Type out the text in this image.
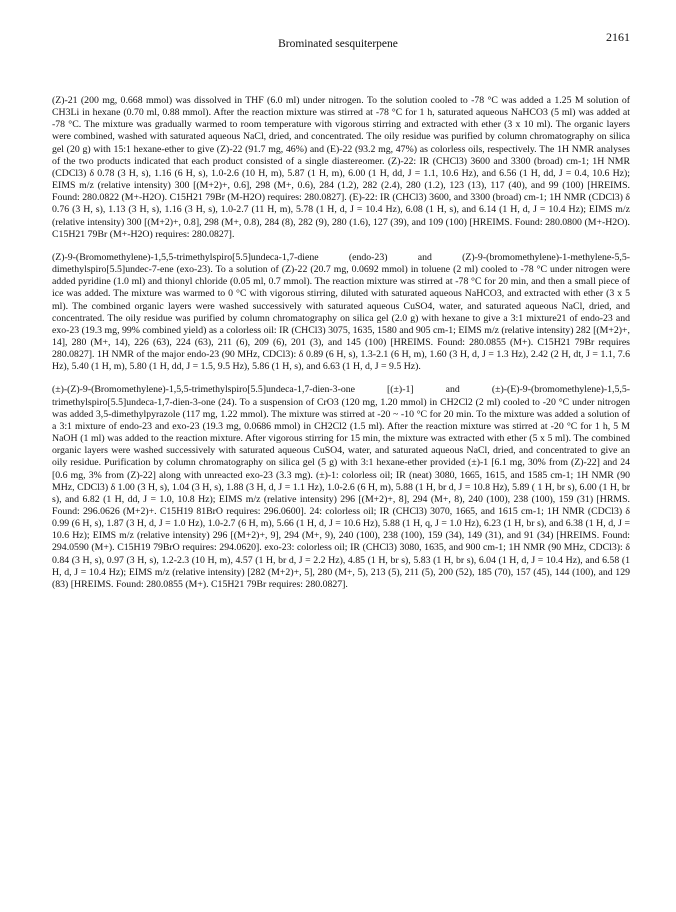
Brominated sesquiterpene	2161

(Z)-21 (200 mg, 0.668 mmol) was dissolved in THF (6.0 ml) under nitrogen. To the solution cooled to -78 °C was added a 1.25 M solution of CH3Li in hexane (0.70 ml, 0.88 mmol). After the reaction mixture was stirred at -78 °C for 1 h, saturated aqueous NaHCO3 (5 ml) was added at -78 °C. The mixture was gradually warmed to room temperature with vigorous stirring and extracted with ether (3 x 10 ml). The organic layers were combined, washed with saturated aqueous NaCl, dried, and concentrated. The oily residue was purified by column chromatography on silica gel (20 g) with 15:1 hexane-ether to give (Z)-22 (91.7 mg, 46%) and (E)-22 (93.2 mg, 47%) as colorless oils, respectively. The 1H NMR analyses of the two products indicated that each product consisted of a single diastereomer. (Z)-22: IR (CHCl3) 3600 and 3300 (broad) cm-1; 1H NMR (CDCl3) δ 0.78 (3 H, s), 1.16 (6 H, s), 1.0-2.6 (10 H, m), 5.87 (1 H, m), 6.00 (1 H, dd, J = 1.1, 10.6 Hz), and 6.56 (1 H, dd, J = 0.4, 10.6 Hz); EIMS m/z (relative intensity) 300 [(M+2)+, 0.6], 298 (M+, 0.6), 284 (1.2), 282 (2.4), 280 (1.2), 123 (13), 117 (40), and 99 (100) [HREIMS. Found: 280.0822 (M+-H2O). C15H21 79Br (M-H2O) requires: 280.0827]. (E)-22: IR (CHCl3) 3600, and 3300 (broad) cm-1; 1H NMR (CDCl3) δ 0.76 (3 H, s), 1.13 (3 H, s), 1.16 (3 H, s), 1.0-2.7 (11 H, m), 5.78 (1 H, d, J = 10.4 Hz), 6.08 (1 H, s), and 6.14 (1 H, d, J = 10.4 Hz); EIMS m/z (relative intensity) 300 [(M+2)+, 0.8], 298 (M+, 0.8), 284 (8), 282 (9), 280 (1.6), 127 (39), and 109 (100) [HREIMS. Found: 280.0800 (M+-H2O). C15H21 79Br (M+-H2O) requires: 280.0827].

(Z)-9-(Bromomethylene)-1,5,5-trimethylspiro[5.5]undeca-1,7-diene (endo-23) and (Z)-9-(bromomethylene)-1-methylene-5,5-dimethylspiro[5.5]undec-7-ene (exo-23). To a solution of (Z)-22 (20.7 mg, 0.0692 mmol) in toluene (2 ml) cooled to -78 °C under nitrogen were added pyridine (1.0 ml) and thionyl chloride (0.05 ml, 0.7 mmol). The reaction mixture was stirred at -78 °C for 20 min, and then a small piece of ice was added. The mixture was warmed to 0 °C with vigorous stirring, diluted with saturated aqueous NaHCO3, and extracted with ether (3 x 5 ml). The combined organic layers were washed successively with saturated aqueous CuSO4, water, and saturated aqueous NaCl, dried, and concentrated. The oily residue was purified by column chromatography on silica gel (2.0 g) with hexane to give a 3:1 mixture21 of endo-23 and exo-23 (19.3 mg, 99% combined yield) as a colorless oil: IR (CHCl3) 3075, 1635, 1580 and 905 cm-1; EIMS m/z (relative intensity) 282 [(M+2)+, 14], 280 (M+, 14), 226 (63), 224 (63), 211 (6), 209 (6), 201 (3), and 145 (100) [HREIMS. Found: 280.0855 (M+). C15H21 79Br requires 280.0827]. 1H NMR of the major endo-23 (90 MHz, CDCl3): δ 0.89 (6 H, s), 1.3-2.1 (6 H, m), 1.60 (3 H, d, J = 1.3 Hz), 2.42 (2 H, dt, J = 1.1, 7.6 Hz), 5.40 (1 H, m), 5.80 (1 H, dd, J = 1.5, 9.5 Hz), 5.86 (1 H, s), and 6.63 (1 H, d, J = 9.5 Hz).

(±)-(Z)-9-(Bromomethylene)-1,5,5-trimethylspiro[5.5]undeca-1,7-dien-3-one [(±)-1] and (±)-(E)-9-(bromomethylene)-1,5,5-trimethylspiro[5.5]undeca-1,7-dien-3-one (24). To a suspension of CrO3 (120 mg, 1.20 mmol) in CH2Cl2 (2 ml) cooled to -20 °C under nitrogen was added 3,5-dimethylpyrazole (117 mg, 1.22 mmol). The mixture was stirred at -20 ~ -10 °C for 20 min. To the mixture was added a solution of a 3:1 mixture of endo-23 and exo-23 (19.3 mg, 0.0686 mmol) in CH2Cl2 (1.5 ml). After the reaction mixture was stirred at -20 °C for 1 h, 5 M NaOH (1 ml) was added to the reaction mixture. After vigorous stirring for 15 min, the mixture was extracted with ether (5 x 5 ml). The combined organic layers were washed successively with saturated aqueous CuSO4, water, and saturated aqueous NaCl, dried, and concentrated to give an oily residue. Purification by column chromatography on silica gel (5 g) with 3:1 hexane-ether provided (±)-1 [6.1 mg, 30% from (Z)-22] and 24 [0.6 mg, 3% from (Z)-22] along with unreacted exo-23 (3.3 mg). (±)-1: colorless oil; IR (neat) 3080, 1665, 1615, and 1585 cm-1; 1H NMR (90 MHz, CDCl3) δ 1.00 (3 H, s), 1.04 (3 H, s), 1.88 (3 H, d, J = 1.1 Hz), 1.0-2.6 (6 H, m), 5.88 (1 H, br d, J = 10.8 Hz), 5.89 ( 1 H, br s), 6.00 (1 H, br s), and 6.82 (1 H, dd, J = 1.0, 10.8 Hz); EIMS m/z (relative intensity) 296 [(M+2)+, 8], 294 (M+, 8), 240 (100), 238 (100), 159 (31) [HRMS. Found: 296.0626 (M+2)+. C15H19 81BrO requires: 296.0600]. 24: colorless oil; IR (CHCl3) 3070, 1665, and 1615 cm-1; 1H NMR (CDCl3) δ 0.99 (6 H, s), 1.87 (3 H, d, J = 1.0 Hz), 1.0-2.7 (6 H, m), 5.66 (1 H, d, J = 10.6 Hz), 5.88 (1 H, q, J = 1.0 Hz), 6.23 (1 H, br s), and 6.38 (1 H, d, J = 10.6 Hz); EIMS m/z (relative intensity) 296 [(M+2)+, 9], 294 (M+, 9), 240 (100), 238 (100), 159 (34), 149 (31), and 91 (34) [HREIMS. Found: 294.0590 (M+). C15H19 79BrO requires: 294.0620]. exo-23: colorless oil; IR (CHCl3) 3080, 1635, and 900 cm-1; 1H NMR (90 MHz, CDCl3): δ 0.84 (3 H, s), 0.97 (3 H, s), 1.2-2.3 (10 H, m), 4.57 (1 H, br d, J = 2.2 Hz), 4.85 (1 H, br s), 5.83 (1 H, br s), 6.04 (1 H, d, J = 10.4 Hz), and 6.58 (1 H, d, J = 10.4 Hz); EIMS m/z (relative intensity) [282 (M+2)+, 5], 280 (M+, 5), 213 (5), 211 (5), 200 (52), 185 (70), 157 (45), 144 (100), and 129 (83) [HREIMS. Found: 280.0855 (M+). C15H21 79Br requires: 280.0827].
